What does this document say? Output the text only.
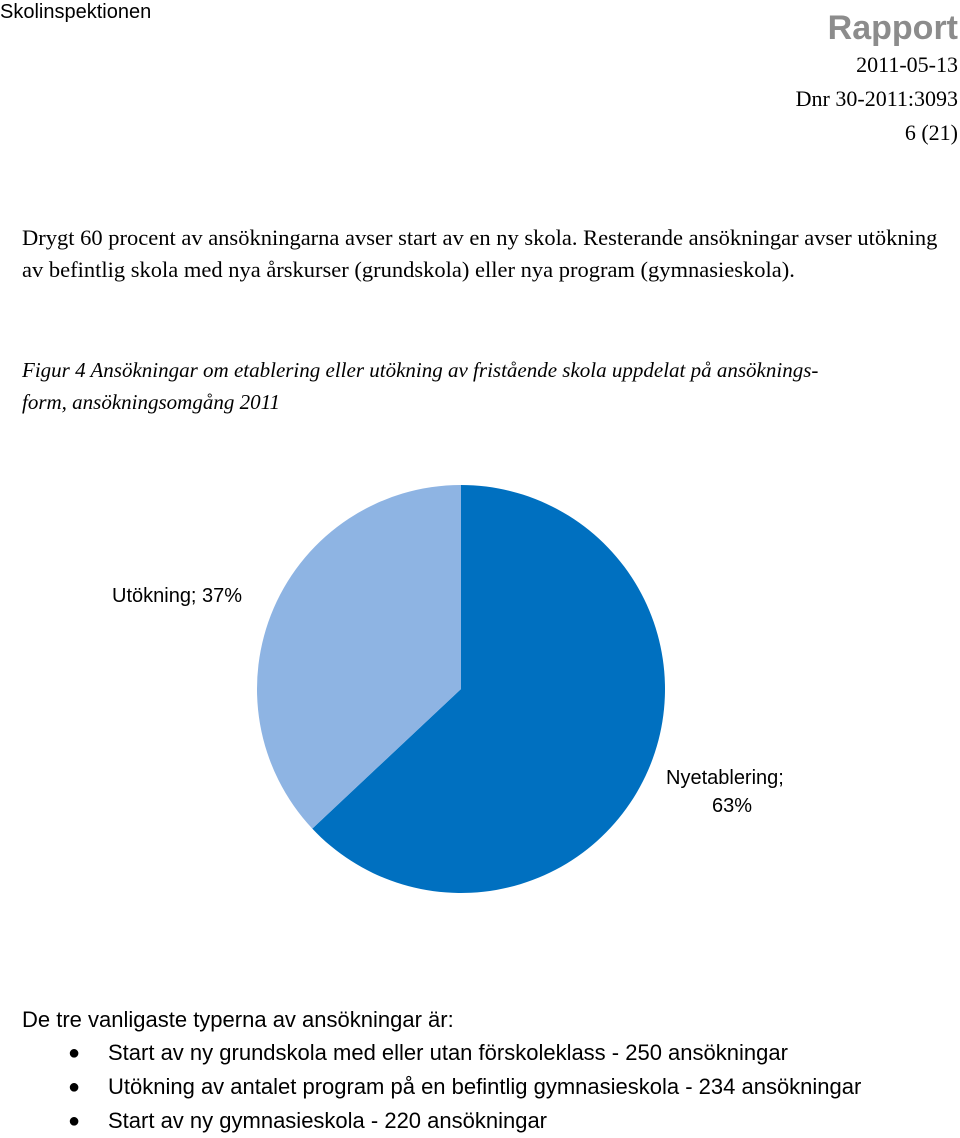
Skolinspektionen	Rapport
2011-05-13
Dnr 30-2011:3093
6 (21)

Drygt 60 procent av ansökningarna avser start av en ny skola. Resterande ansökningar avser utökning av befintlig skola med nya årskurser (grundskola) eller nya program (gymnasieskola).

Figur 4 Ansökningar om etablering eller utökning av fristående skola uppdelat på ansöknings-
form, ansökningsomgång 2011

Utökning; 37%
Nyetablering;
63%

De tre vanligaste typerna av ansökningar är:

● Start av ny grundskola med eller utan förskoleklass - 250 ansökningar
● Utökning av antalet program på en befintlig gymnasieskola - 234 ansökningar
● Start av ny gymnasieskola - 220 ansökningar
